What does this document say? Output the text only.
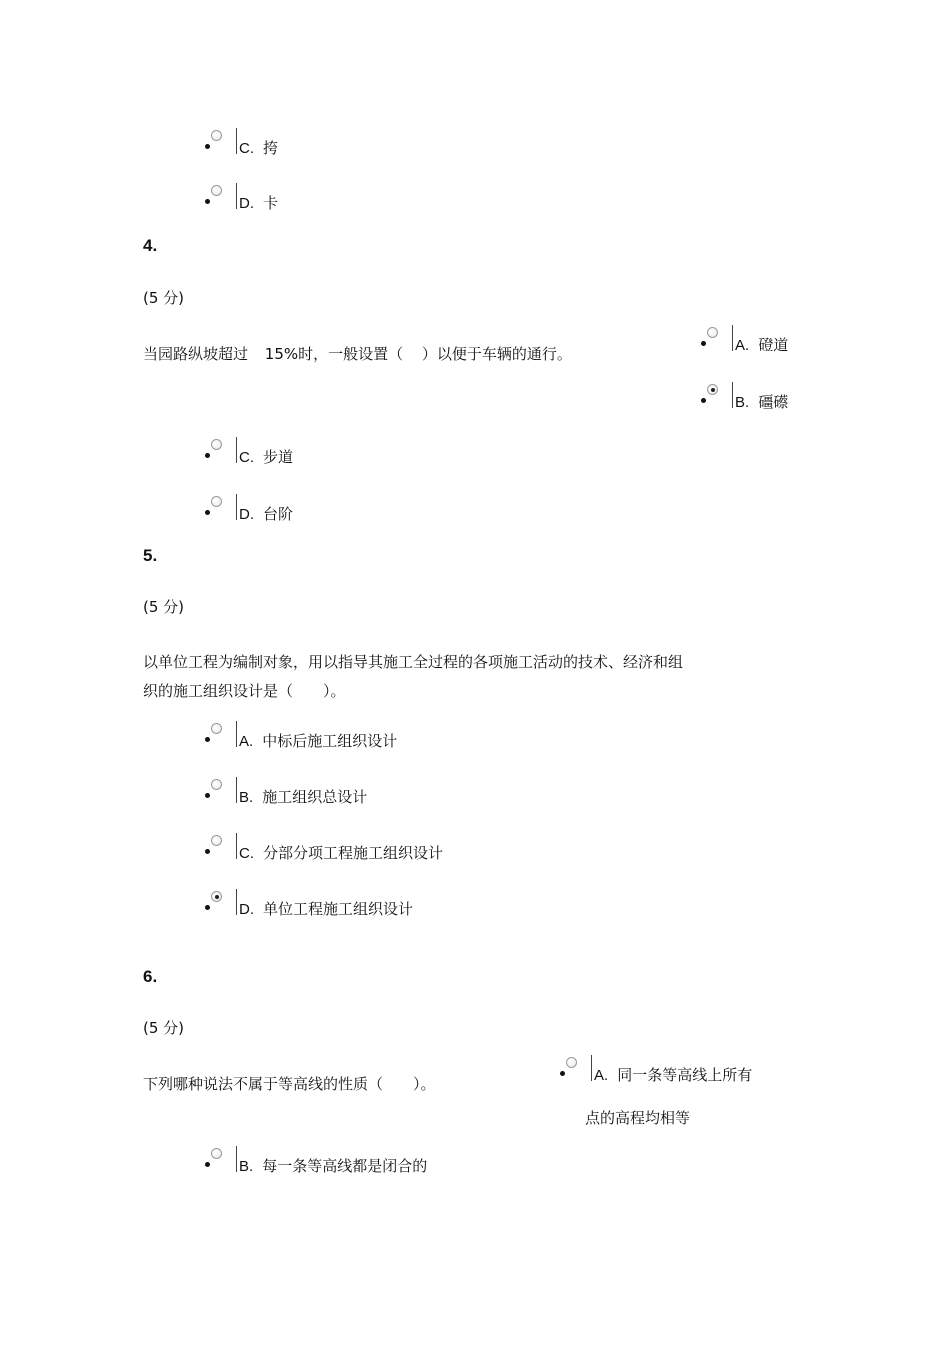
C. 挎
D. 卡
4.
(5 分)
当园路纵坡超过 15%时，一般设置（ ）以便于车辆的通行。	A. 磴道
B. 礓礤
C. 步道
D. 台阶
5.
(5 分)
以单位工程为编制对象，用以指导其施工全过程的各项施工活动的技术、经济和组
织的施工组织设计是（　　）。
A. 中标后施工组织设计
B. 施工组织总设计
C. 分部分项工程施工组织设计
D. 单位工程施工组织设计
6.
(5 分)
下列哪种说法不属于等高线的性质（　　）。	A. 同一条等高线上所有
点的高程均相等
B. 每一条等高线都是闭合的
